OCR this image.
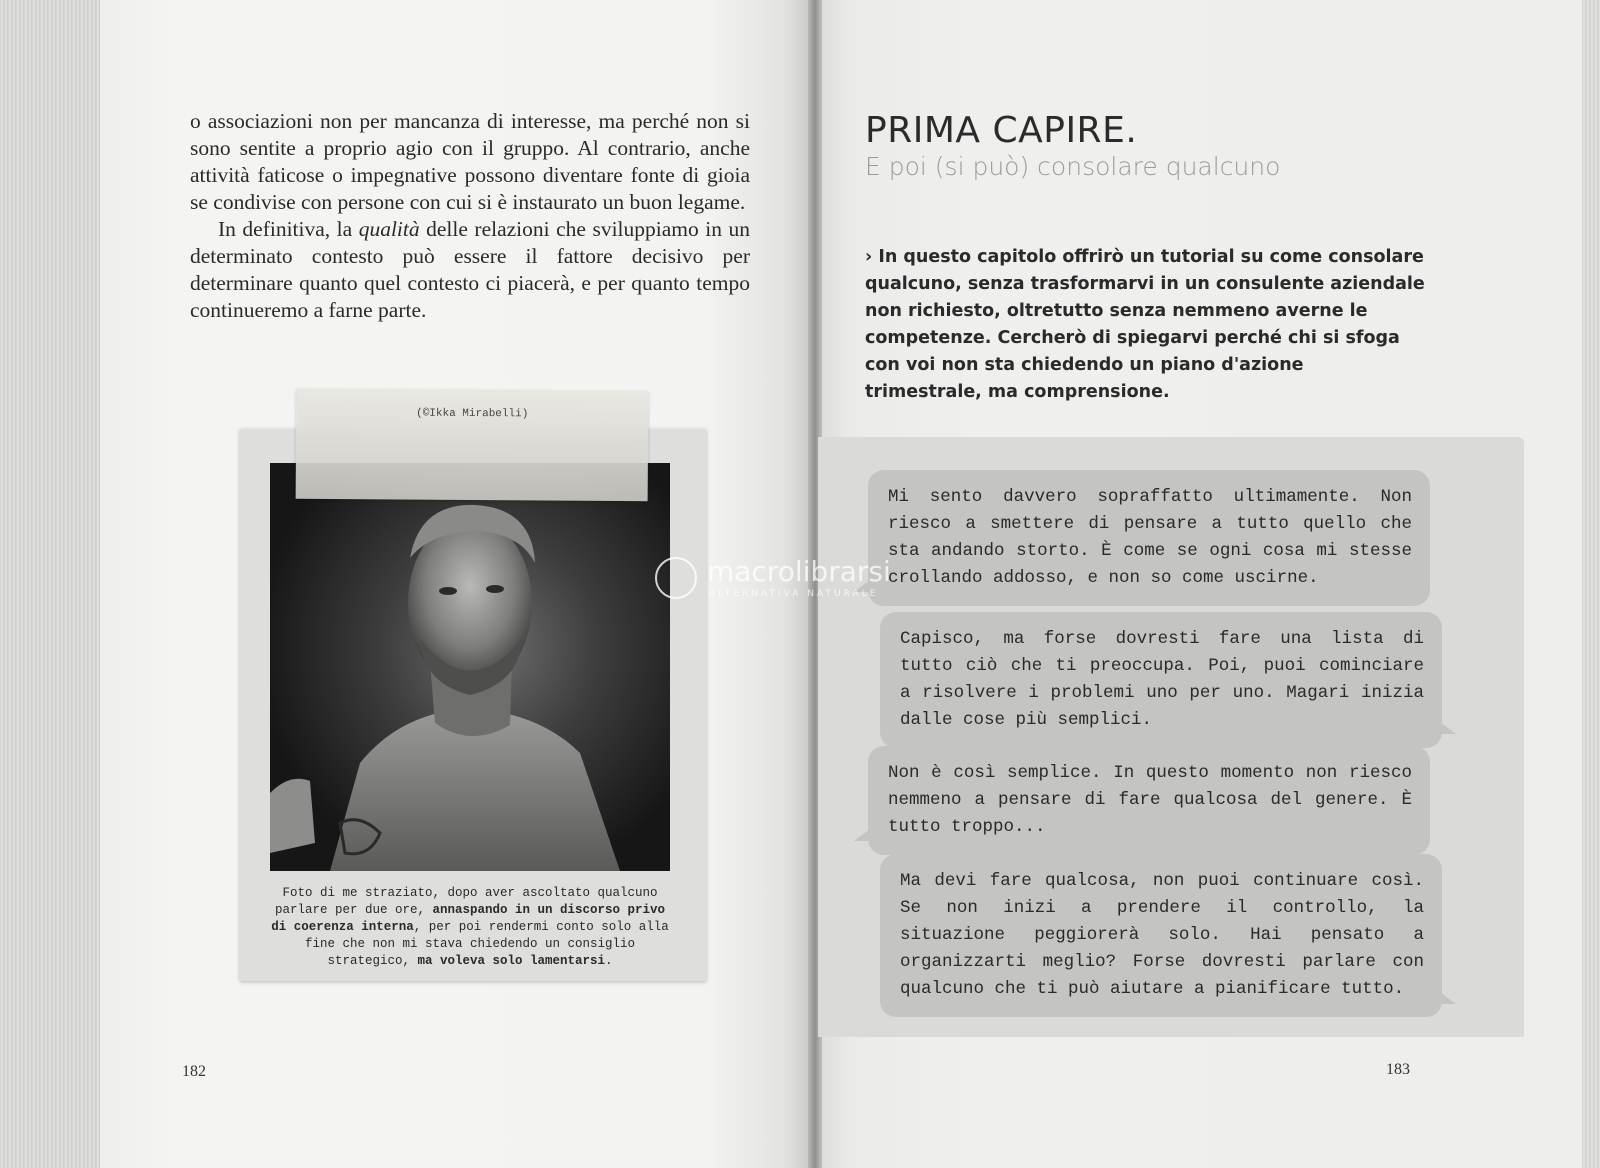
o associazioni non per mancanza di interesse, ma perché non si sono sentite a proprio agio con il gruppo. Al contrario, anche attività faticose o impegnative possono diventare fonte di gioia se condivise con persone con cui si è instaurato un buon legame.

In definitiva, la qualità delle relazioni che sviluppiamo in un determinato contesto può essere il fattore decisivo per determinare quanto quel contesto ci piacerà, e per quanto tempo continueremo a farne parte.

Foto di me straziato, dopo aver ascoltato qualcuno parlare per due ore, annaspando in un discorso privo di coerenza interna, per poi rendermi conto solo alla fine che non mi stava chiedendo un consiglio strategico, ma voleva solo lamentarsi.
(©Ikka Mirabelli)
182
PRIMA CAPIRE.
E poi (si può) consolare qualcuno
› In questo capitolo offrirò un tutorial su come consolare qualcuno, senza trasformarvi in un consulente aziendale non richiesto, oltretutto senza nemmeno averne le competenze. Cercherò di spiegarvi perché chi si sfoga con voi non sta chiedendo un piano d'azione trimestrale, ma comprensione.
Mi sento davvero sopraffatto ultimamente. Non riesco a smettere di pensare a tutto quello che sta andando storto. È come se ogni cosa mi stesse crollando addosso, e non so come uscirne.
Capisco, ma forse dovresti fare una lista di tutto ciò che ti preoccupa. Poi, puoi cominciare a risolvere i problemi uno per uno. Magari inizia dalle cose più semplici.
Non è così semplice. In questo momento non riesco nemmeno a pensare di fare qualcosa del genere. È tutto troppo...
Ma devi fare qualcosa, non puoi continuare così. Se non inizi a prendere il controllo, la situazione peggiorerà solo. Hai pensato a organizzarti meglio? Forse dovresti parlare con qualcuno che ti può aiutare a pianificare tutto.
183
macrolibrarsi
ALTERNATIVA NATURALE
